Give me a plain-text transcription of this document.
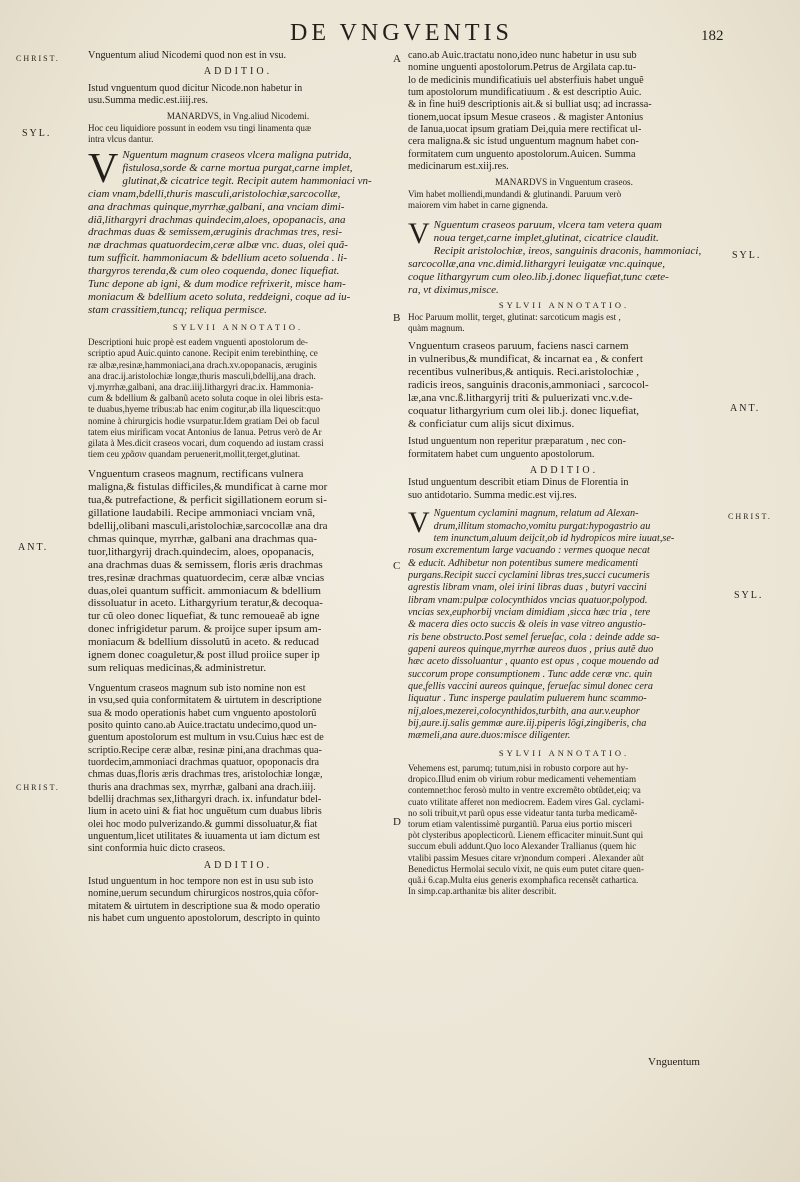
DE VNGVENTIS	182
CHRIST.
SYL.
ANT.
CHRIST.
SYL.
ANT.
CHRIST.
SYL.
A
B
C
D
Vnguentum aliud Nicodemi quod non est in vsu.
ADDITIO.
Istud vnguentum quod dicitur Nicode.non habetur in
usu.Summa medic.est.iiij.res.
MANARDVS, in Vng.aliud Nicodemi.
Hoc ceu liquidiore possunt in eodem vsu tingi linamenta quæ
intra vlcus dantur.
V Nguentum magnum craseos vlcera maligna putrida,
fistulosa,sorde & carne mortua purgat,carne implet,
glutinat,& cicatrice tegit. Recipit autem hammoniaci vn-
ciam vnam,bdelli,thuris masculi,aristolochiæ,sarcocollæ,
ana drachmas quinque,myrrhæ,galbani, ana vnciam dimi-
diã,lithargyri drachmas quindecim,aloes, opopanacis, ana
drachmas duas & semissem,æruginis drachmas tres, resi-
næ drachmas quatuordecim,ceræ albæ vnc. duas, olei quã-
tum sufficit. hammoniacum & bdellium aceto soluenda . li-
thargyros terenda,& cum oleo coquenda, donec liquefiat.
Tunc depone ab igni, & dum modice refrixerit, misce ham-
moniacum & bdellium aceto soluta, reddeigni, coque ad iu-
stam crassitiem,tuncq; reliqua permisce.
SYLVII ANNOTATIO.
Descriptioni huic propè est eadem vnguenti apostolorum de-
scriptio apud Auic.quinto canone. Recipit enim terebinthinę, ce
ræ albæ,resinæ,hammoniaci,ana drach.xv.opopanacis, æruginis
ana drac.ij.aristolochiæ longæ,thuris masculi,bdellij,ana drach.
vj.myrrhæ,galbani, ana drac.iiij.lithargyri drac.ix. Hammonia-
cum & bdellium & galbanũ aceto soluta coque in olei libris esta-
te duabus,hyeme tribus:ab hac enim cogitur,ab illa liquescit:quo
nomine à chirurgicis hodie vsurpatur.Idem gratiam Dei ob facul
tatem eius mirificam vocat Antonius de Ianua. Petrus verò de Ar
gilata à Mes.dicit craseos vocari, dum coquendo ad iustam crassi
tiem ceu χρᾶσιν quandam peruenerit,mollit,terget,glutinat.
Vnguentum craseos magnum, rectificans vulnera
maligna,& fistulas difficiles,& mundificat à carne mor
tua,& putrefactione, & perficit sigillationem eorum si-
gillatione laudabili. Recipe ammoniaci vnciam vnã,
bdellij,olibani masculi,aristolochiæ,sarcocollæ ana dra
chmas quinque, myrrhæ, galbani ana drachmas qua-
tuor,lithargyrij drach.quindecim, aloes, opopanacis,
ana drachmas duas & semissem, floris æris drachmas
tres,resinæ drachmas quatuordecim, ceræ albæ vncias
duas,olei quantum sufficit. ammoniacum & bdellium
dissoluatur in aceto. Lithargyrium teratur,& decoqua-
tur cũ oleo donec liquefiat, & tunc remoueaẽ ab igne
donec infrigidetur parum. & proijce super ipsum am-
moniacum & bdellium dissolutũ in aceto. & reducad
ignem donec coaguletur,& post illud proiice super ip
sum reliquas medicinas,& administretur.
Vnguentum craseos magnum sub isto nomine non est
in vsu,sed quia conformitatem & uirtutem in descriptione
sua & modo operationis habet cum vnguento apostolorũ
posito quinto cano.ab Auice.tractatu undecimo,quod un-
guentum apostolorum est multum in vsu.Cuius hæc est de
scriptio.Recipe ceræ albæ, resinæ pini,ana drachmas qua-
tuordecim,ammoniaci drachmas quatuor, opoponacis dra
chmas duas,floris æris drachmas tres, aristolochiæ longæ,
thuris ana drachmas sex, myrrhæ, galbani ana drach.iiij.
bdellij drachmas sex,lithargyri drach. ix. infundatur bdel-
lium in aceto uini & fiat hoc unguẽtum cum duabus libris
olei hoc modo pulverizando.& gummi dissoluatur,& fiat
unguentum,licet utilitates & iuuamenta ut iam dictum est
sint conformia huic dicto craseos.
ADDITIO.
Istud unguentum in hoc tempore non est in usu sub isto
nomine,uerum secundum chirurgicos nostros,quia cõfor-
mitatem & uirtutem in descriptione sua & modo operatio
nis habet cum unguento apostolorum, descripto in quinto
cano.ab Auic.tractatu nono,ideo nunc habetur in usu sub
nomine unguenti apostolorum.Petrus de Argilata cap.tu-
lo de medicinis mundificatiuis uel absterfiuis habet unguẽ
tum apostolorum mundificatiuum . & est descriptio Auic.
& in fine hui9 descriptionis ait.& si bulliat usq; ad incrassa-
tionem,uocat ipsum Mesue craseos . & magister Antonius
de Ianua,uocat ipsum gratiam Dei,quia mere rectificat ul-
cera maligna.& sic istud unguentum magnum habet con-
formitatem cum unguento apostolorum.Auicen. Summa
medicinarum est.xiij.res.
MANARDVS in Vnguentum craseos.
Vim habet molliendi,mundandi & glutinandi. Paruum verò
maiorem vim habet in carne gignenda.
V Nguentum craseos paruum, vlcera tam vetera quam
noua terget,carne implet,glutinat, cicatrice claudit.
Recipit aristolochiæ, ireos, sanguinis draconis, hammoniaci,
sarcocollæ,ana vnc.dimid.lithargyri leuigatæ vnc.quinque,
coque lithargyrum cum oleo.lib.j.donec liquefiat,tunc cæte-
ra, vt diximus,misce.
SYLVII ANNOTATIO.
Hoc Paruum mollit, terget, glutinat: sarcoticum magis est ,
quàm magnum.
Vnguentum craseos paruum, faciens nasci carnem
in vulneribus,& mundificat, & incarnat ea , & confert
recentibus vulneribus,& antiquis. Reci.aristolochiæ ,
radicis ireos, sanguinis draconis,ammoniaci , sarcocol-
læ,ana vnc.ß.lithargyrij triti & puluerizati vnc.v.de-
coquatur lithargyrium cum olei lib.j. donec liquefiat,
& conficiatur cum alijs sicut diximus.
Istud unguentum non reperitur præparatum , nec con-
formitatem habet cum unguento apostolorum.
ADDITIO.
Istud unguentum describit etiam Dinus de Florentia in
suo antidotario. Summa medic.est vij.res.
V Nguentum cyclamini magnum, relatum ad Alexan-
drum,illitum stomacho,vomitu purgat:hypogastrio au
tem inunctum,aluum deijcit,ob id hydropicos mire iuuat,se-
rosum excrementum large vacuando : vermes quoque necat
& educit. Adhibetur non potentibus sumere medicamenti
purgans.Recipit succi cyclamini libras tres,succi cucumeris
agrestis libram vnam, olei irini libras duas , butyri vaccini
libram vnam:pulpæ colocynthidos vncias quatuor,polypod.
vncias sex,euphorbij vnciam dimidiam ,sicca hæc tria , tere
& macera dies octo succis & oleis in vase vitreo angustio-
ris bene obstructo.Post semel ferueſac, cola : deinde adde sa-
gapeni aureos quinque,myrrhæ aureos duos , prius autẽ duo
hæc aceto dissoluantur , quanto est opus , coque mouendo ad
succorum prope consumptionem . Tunc adde ceræ vnc. quin
que,fellis vaccini aureos quinque, ferueſac simul donec cera
liquatur . Tunc insperge paulatim puluerem hunc scammo-
nij,aloes,mezerei,colocynthidos,turbith, ana aur.v.euphor
bij,aure.ij.salis gemmæ aure.iij.piperis lõgi,zingiberis, cha
mæmeli,ana aure.duos:misce diligenter.
SYLVII ANNOTATIO.
Vehemens est, parumq; tutum,nisi in robusto corpore aut hy-
dropico.Illud enim ob virium robur medicamenti vehementiam
contemnet:hoc ferosò multo in ventre excremẽto obtũdet,eiq; va
cuato vtilitate afferet non mediocrem. Eadem vires Gal. cyclami-
no soli tribuit,vt parũ opus esse videatur tanta turba medicamẽ-
torum etiam valentissimè purgantiũ. Parua eius portio misceri
pòt clysteribus apoplecticorũ. Lienem efficaciter minuit.Sunt qui
succum ebuli addunt.Quo loco Alexander Trallianus (quem hic
vtalibi passim Mesues citare vr)nondum comperi . Alexander aũt
Benedictus Hermolai seculo vixit, ne quis eum putet citare quen-
quã.i 6.cap.Multa eius generis exomphafica recensẽt cathartica.
In simp.cap.arthanitæ bis aliter describit.
Vnguentum
